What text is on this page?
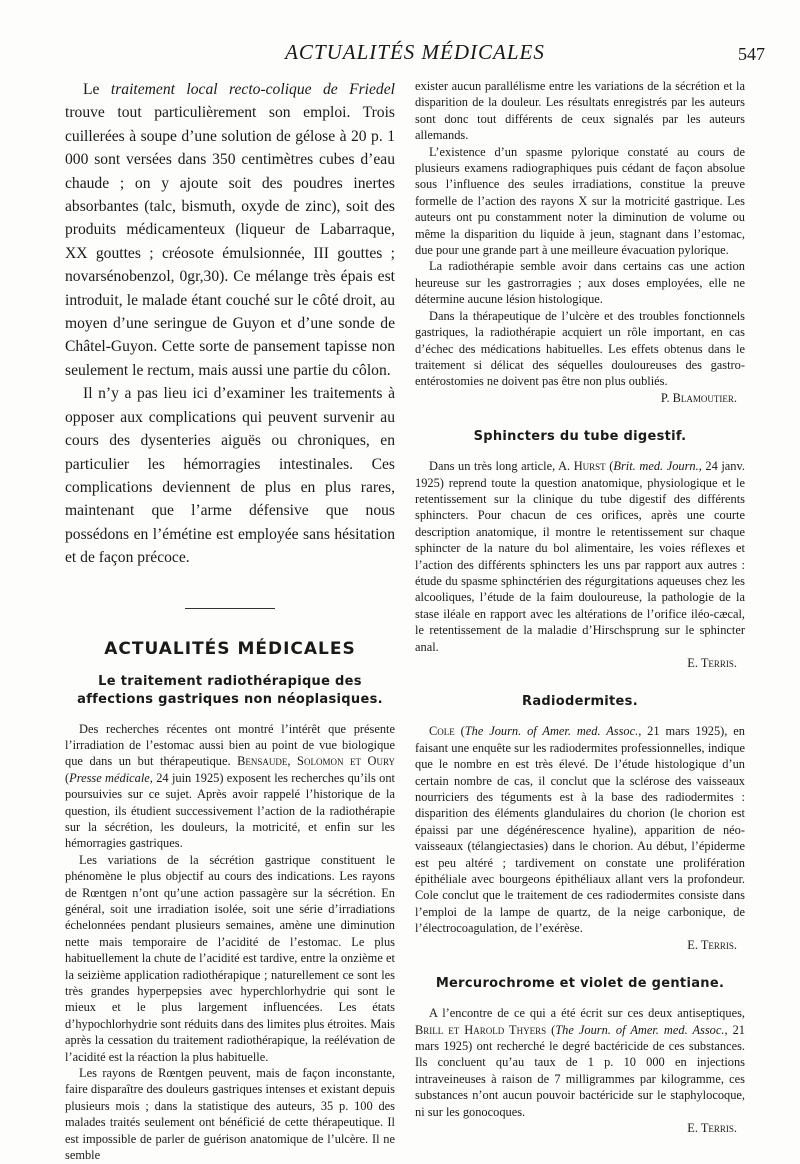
ACTUALITÉS MÉDICALES	547

Le traitement local recto-colique de Friedel trouve tout particulièrement son emploi. Trois cuillerées à soupe d’une solution de gélose à 20 p. 1 000 sont versées dans 350 centimètres cubes d’eau chaude ; on y ajoute soit des poudres inertes absorbantes (talc, bismuth, oxyde de zinc), soit des produits médicamenteux (liqueur de Labarraque, XX gouttes ; créosote émulsionnée, III gouttes ; novarsénobenzol, 0gr,30). Ce mélange très épais est introduit, le malade étant couché sur le côté droit, au moyen d’une seringue de Guyon et d’une sonde de Châtel-Guyon. Cette sorte de pansement tapisse non seulement le rectum, mais aussi une partie du côlon.

Il n’y a pas lieu ici d’examiner les traitements à opposer aux complications qui peuvent survenir au cours des dysenteries aiguës ou chroniques, en particulier les hémorragies intestinales. Ces complications deviennent de plus en plus rares, maintenant que l’arme défensive que nous possédons en l’émétine est employée sans hésitation et de façon précoce.

ACTUALITÉS MÉDICALES
Le traitement radiothérapique des affections gastriques non néoplasiques.

Des recherches récentes ont montré l’intérêt que présente l’irradiation de l’estomac aussi bien au point de vue biologique que dans un but thérapeutique. Bensaude, Solomon et Oury (Presse médicale, 24 juin 1925) exposent les recherches qu’ils ont poursuivies sur ce sujet. Après avoir rappelé l’historique de la question, ils étudient successivement l’action de la radiothérapie sur la sécrétion, les douleurs, la motricité, et enfin sur les hémorragies gastriques.

Les variations de la sécrétion gastrique constituent le phénomène le plus objectif au cours des indications. Les rayons de Rœntgen n’ont qu’une action passagère sur la sécrétion. En général, soit une irradiation isolée, soit une série d’irradiations échelonnées pendant plusieurs semaines, amène une diminution nette mais temporaire de l’acidité de l’estomac. Le plus habituellement la chute de l’acidité est tardive, entre la onzième et la seizième application radiothérapique ; naturellement ce sont les très grandes hyperpepsies avec hyperchlorhydrie qui sont le mieux et le plus largement influencées. Les états d’hypochlorhydrie sont réduits dans des limites plus étroites. Mais après la cessation du traitement radiothérapique, la reélévation de l’acidité est la réaction la plus habituelle.

Les rayons de Rœntgen peuvent, mais de façon inconstante, faire disparaître des douleurs gastriques intenses et existant depuis plusieurs mois ; dans la statistique des auteurs, 35 p. 100 des malades traités seulement ont bénéficié de cette thérapeutique. Il est impossible de parler de guérison anatomique de l’ulcère. Il ne semble

exister aucun parallélisme entre les variations de la sécrétion et la disparition de la douleur. Les résultats enregistrés par les auteurs sont donc tout différents de ceux signalés par les auteurs allemands.

L’existence d’un spasme pylorique constaté au cours de plusieurs examens radiographiques puis cédant de façon absolue sous l’influence des seules irradiations, constitue la preuve formelle de l’action des rayons X sur la motricité gastrique. Les auteurs ont pu constamment noter la diminution de volume ou même la disparition du liquide à jeun, stagnant dans l’estomac, due pour une grande part à une meilleure évacuation pylorique.

La radiothérapie semble avoir dans certains cas une action heureuse sur les gastrorragies ; aux doses employées, elle ne détermine aucune lésion histologique.

Dans la thérapeutique de l’ulcère et des troubles fonctionnels gastriques, la radiothérapie acquiert un rôle important, en cas d’échec des médications habituelles. Les effets obtenus dans le traitement si délicat des séquelles douloureuses des gastro-entérostomies ne doivent pas être non plus oubliés.

P. Blamoutier.
Sphincters du tube digestif.

Dans un très long article, A. Hurst (Brit. med. Journ., 24 janv. 1925) reprend toute la question anatomique, physiologique et le retentissement sur la clinique du tube digestif des différents sphincters. Pour chacun de ces orifices, après une courte description anatomique, il montre le retentissement sur chaque sphincter de la nature du bol alimentaire, les voies réflexes et l’action des différents sphincters les uns par rapport aux autres : étude du spasme sphinctérien des régurgitations aqueuses chez les alcooliques, l’étude de la faim douloureuse, la pathologie de la stase iléale en rapport avec les altérations de l’orifice iléo-cæcal, le retentissement de la maladie d’Hirschsprung sur le sphincter anal.

E. Terris.
Radiodermites.

Cole (The Journ. of Amer. med. Assoc., 21 mars 1925), en faisant une enquête sur les radiodermites professionnelles, indique que le nombre en est très élevé. De l’étude histologique d’un certain nombre de cas, il conclut que la sclérose des vaisseaux nourriciers des téguments est à la base des radiodermites : disparition des éléments glandulaires du chorion (le chorion est épaissi par une dégénérescence hyaline), apparition de néo-vaisseaux (télangiectasies) dans le chorion. Au début, l’épiderme est peu altéré ; tardivement on constate une prolifération épithéliale avec bourgeons épithéliaux allant vers la profondeur. Cole conclut que le traitement de ces radiodermites consiste dans l’emploi de la lampe de quartz, de la neige carbonique, de l’électrocoagulation, de l’exérèse.

E. Terris.
Mercurochrome et violet de gentiane.

A l’encontre de ce qui a été écrit sur ces deux antiseptiques, Brill et Harold Thyers (The Journ. of Amer. med. Assoc., 21 mars 1925) ont recherché le degré bactéricide de ces substances. Ils concluent qu’au taux de 1 p. 10 000 en injections intraveineuses à raison de 7 milligrammes par kilogramme, ces substances n’ont aucun pouvoir bactéricide sur le staphylocoque, ni sur les gonocoques.

E. Terris.
